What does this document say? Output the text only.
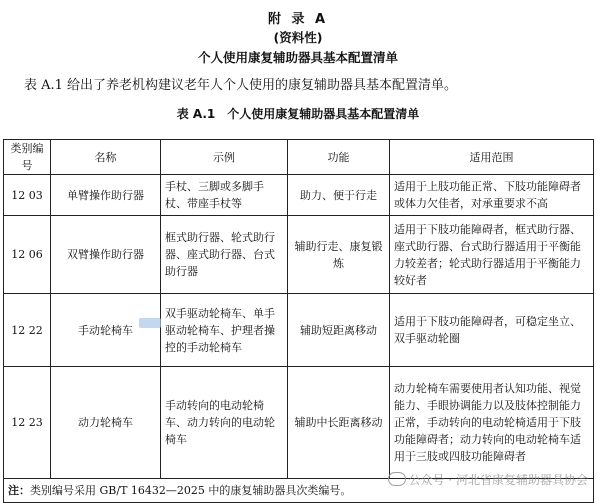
附 录 A
(资料性)
个人使用康复辅助器具基本配置清单
表 A.1 给出了养老机构建议老年人个人使用的康复辅助器具基本配置清单。
表 A.1　个人使用康复辅助器具基本配置清单
类别编号	名称	示例	功能	适用范围
12 03	单臂操作助行器	手杖、三脚或多脚手杖、带座手杖等	助力、便于行走	适用于上肢功能正常、下肢功能障碍者或体力欠佳者，对承重要求不高
12 06	双臂操作助行器	框式助行器、轮式助行器、座式助行器、台式助行器	辅助行走、康复锻炼	适用于下肢功能障碍者，框式助行器、座式助行器、台式助行器适用于平衡能力较差者；轮式助行器适用于平衡能力较好者
12 22	手动轮椅车	双手驱动轮椅车、单手驱动轮椅车、护理者操控的手动轮椅车	辅助短距离移动	适用于下肢功能障碍者，可稳定坐立、双手驱动轮圈
12 23	动力轮椅车	手动转向的电动轮椅车、动力转向的电动轮椅车	辅助中长距离移动	动力轮椅车需要使用者认知功能、视觉能力、手眼协调能力以及肢体控制能力正常，手动转向的电动轮椅适用于下肢功能障碍者；动力转向的电动轮椅车适用于三肢或四肢功能障碍者
注：类别编号采用 GB/T 16432—2025 中的康复辅助器具次类编号。				
公众号 · 河北省康复辅助器具协会
